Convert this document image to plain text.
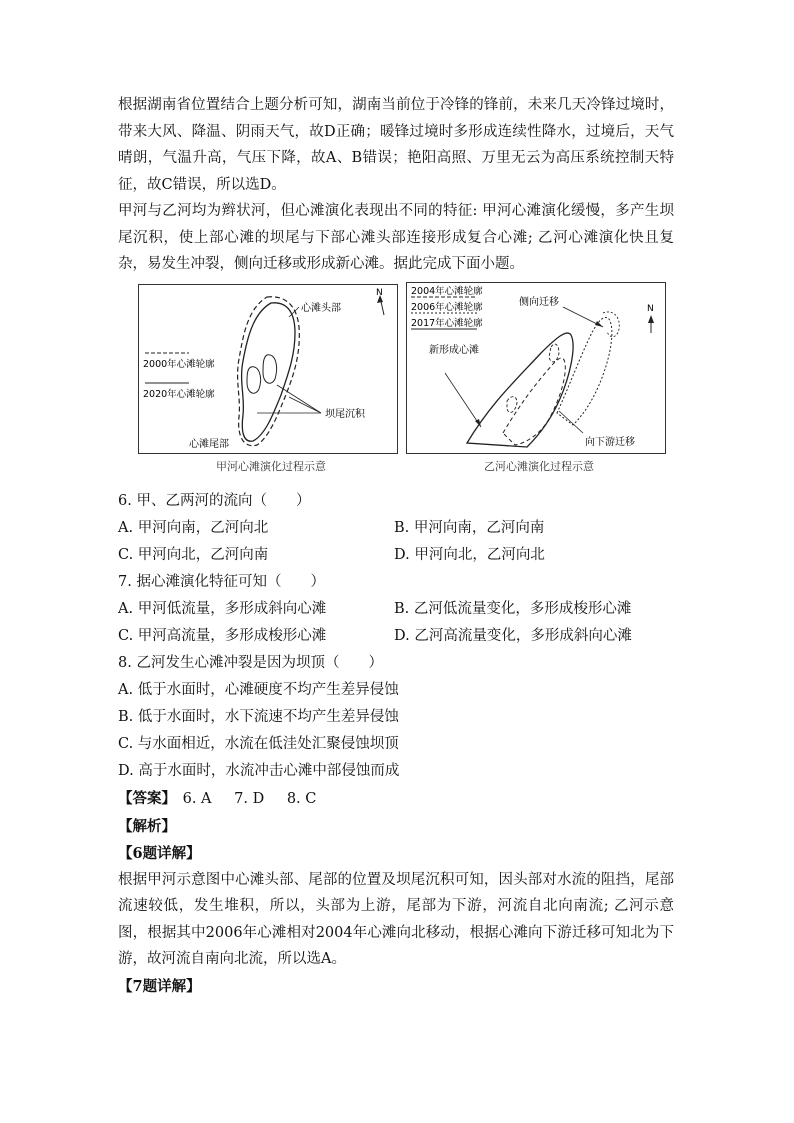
根据湖南省位置结合上题分析可知，湖南当前位于冷锋的锋前，未来几天冷锋过境时，带来大风、降温、阴雨天气，故D正确；暖锋过境时多形成连续性降水，过境后，天气晴朗，气温升高，气压下降，故A、B错误；艳阳高照、万里无云为高压系统控制天特征，故C错误，所以选D。

甲河与乙河均为辫状河，但心滩演化表现出不同的特征: 甲河心滩演化缓慢，多产生坝尾沉积，使上部心滩的坝尾与下部心滩头部连接形成复合心滩; 乙河心滩演化快且复杂，易发生冲裂，侧向迁移或形成新心滩。据此完成下面小题。

心滩头部
坝尾沉积
心滩尾部
2000年心滩轮廓
2020年心滩轮廓
N
甲河心滩演化过程示意
2004年心滩轮廓
2006年心滩轮廓
2017年心滩轮廓
侧向迁移
新形成心滩
向下游迁移
N
乙河心滩演化过程示意

6. 甲、乙两河的流向（　　）

A. 甲河向南，乙河向北	B. 甲河向南，乙河向南
C. 甲河向北，乙河向南	D. 甲河向北，乙河向北

7. 据心滩演化特征可知（　　）

A. 甲河低流量，多形成斜向心滩	B. 乙河低流量变化，多形成梭形心滩
C. 甲河高流量，多形成梭形心滩	D. 乙河高流量变化，多形成斜向心滩

8. 乙河发生心滩冲裂是因为坝顶（　　）

A. 低于水面时，心滩硬度不均产生差异侵蚀
B. 低于水面时，水下流速不均产生差异侵蚀
C. 与水面相近，水流在低洼处汇聚侵蚀坝顶
D. 高于水面时，水流冲击心滩中部侵蚀而成

【答案】 6. A 7. D 8. C

【解析】

【6题详解】

根据甲河示意图中心滩头部、尾部的位置及坝尾沉积可知，因头部对水流的阻挡，尾部流速较低，发生堆积，所以，头部为上游，尾部为下游，河流自北向南流; 乙河示意图，根据其中2006年心滩相对2004年心滩向北移动，根据心滩向下游迁移可知北为下游，故河流自南向北流，所以选A。

【7题详解】
